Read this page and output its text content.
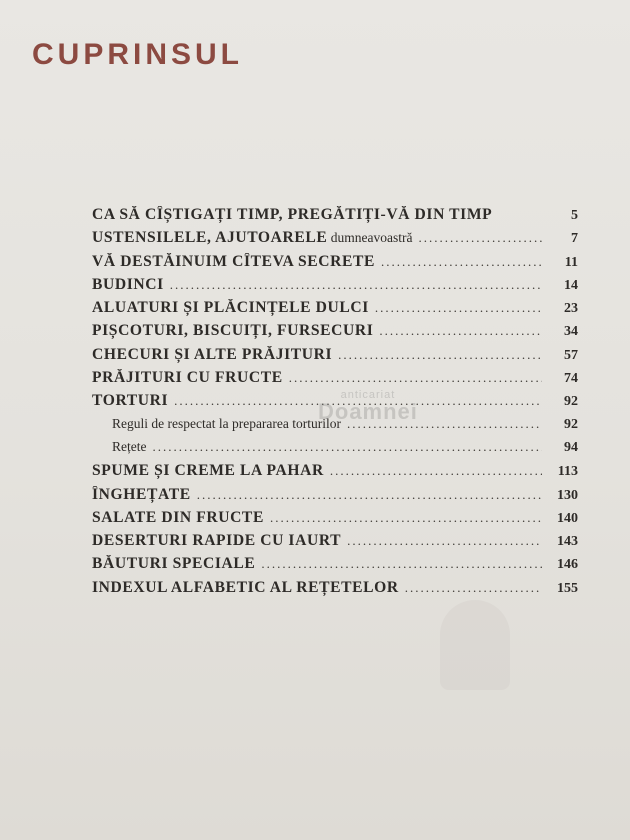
CUPRINSUL
CA SĂ CÎȘTIGAȚI TIMP, PREGĂTIȚI-VĂ DIN TIMP	5
USTENSILELE, AJUTOARELE dumneavoastră .....	7
VĂ DESTĂINUIM CÎTEVA SECRETE .....	11
BUDINCI .....	14
ALUATURI ȘI PLĂCINȚELE DULCI .....	23
PIȘCOTURI, BISCUIȚI, FURSECURI .....	34
CHECURI ȘI ALTE PRĂJITURI .....	57
PRĂJITURI CU FRUCTE .....	74
TORTURI .....	92
Reguli de respectat la prepararea torturilor .....	92
Rețete .....	94
SPUME ȘI CREME LA PAHAR .....	113
ÎNGHEȚATE .....	130
SALATE DIN FRUCTE .....	140
DESERTURI RAPIDE CU IAURT .....	143
BĂUTURI SPECIALE .....	146
INDEXUL ALFABETIC AL REȚETELOR .....	155
anticariat
Doamnei
